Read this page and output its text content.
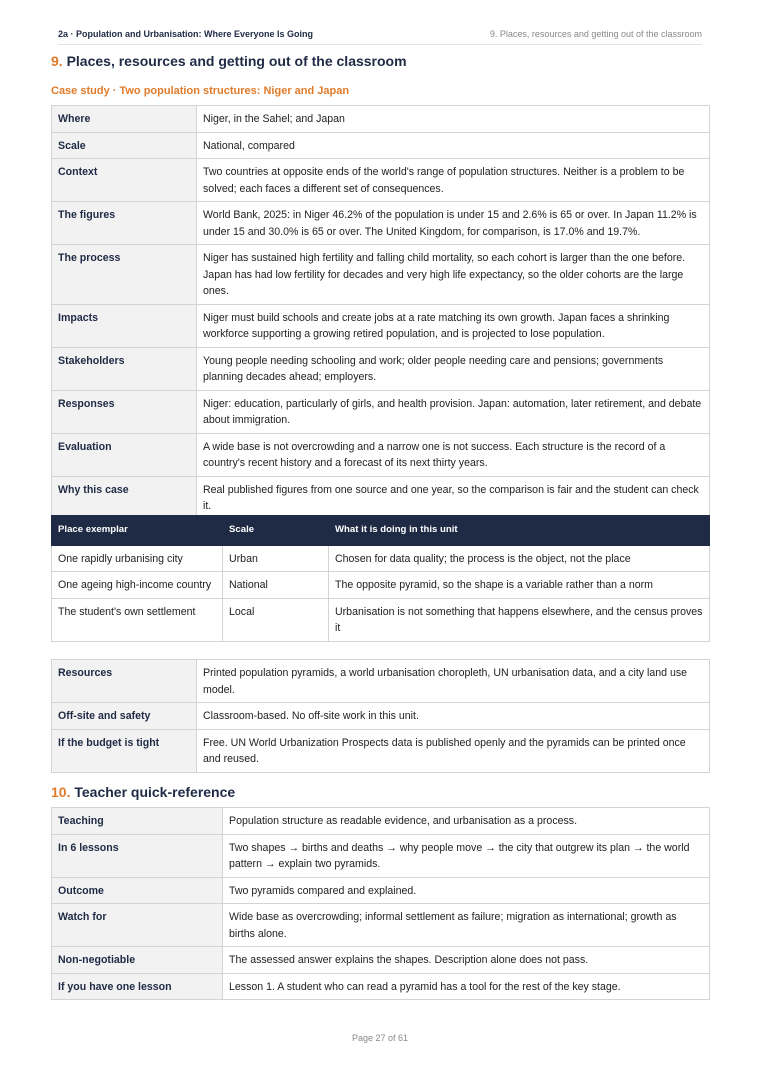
2a · Population and Urbanisation: Where Everyone Is Going	9. Places, resources and getting out of the classroom
9. Places, resources and getting out of the classroom
Case study · Two population structures: Niger and Japan
Where	Niger, in the Sahel; and Japan
Scale	National, compared
Context	Two countries at opposite ends of the world's range of population structures. Neither is a problem to be solved; each faces a different set of consequences.
The figures	World Bank, 2025: in Niger 46.2% of the population is under 15 and 2.6% is 65 or over. In Japan 11.2% is under 15 and 30.0% is 65 or over. The United Kingdom, for comparison, is 17.0% and 19.7%.
The process	Niger has sustained high fertility and falling child mortality, so each cohort is larger than the one before. Japan has had low fertility for decades and very high life expectancy, so the older cohorts are the large ones.
Impacts	Niger must build schools and create jobs at a rate matching its own growth. Japan faces a shrinking workforce supporting a growing retired population, and is projected to lose population.
Stakeholders	Young people needing schooling and work; older people needing care and pensions; governments planning decades ahead; employers.
Responses	Niger: education, particularly of girls, and health provision. Japan: automation, later retirement, and debate about immigration.
Evaluation	A wide base is not overcrowding and a narrow one is not success. Each structure is the record of a country's recent history and a forecast of its next thirty years.
Why this case	Real published figures from one source and one year, so the comparison is fair and the student can check it.
Place exemplar	Scale	What it is doing in this unit
One rapidly urbanising city	Urban	Chosen for data quality; the process is the object, not the place
One ageing high-income country	National	The opposite pyramid, so the shape is a variable rather than a norm
The student's own settlement	Local	Urbanisation is not something that happens elsewhere, and the census proves it
Resources	Printed population pyramids, a world urbanisation choropleth, UN urbanisation data, and a city land use model.
Off-site and safety	Classroom-based. No off-site work in this unit.
If the budget is tight	Free. UN World Urbanization Prospects data is published openly and the pyramids can be printed once and reused.
10. Teacher quick-reference
Teaching	Population structure as readable evidence, and urbanisation as a process.
In 6 lessons	Two shapes → births and deaths → why people move → the city that outgrew its plan → the world pattern → explain two pyramids.
Outcome	Two pyramids compared and explained.
Watch for	Wide base as overcrowding; informal settlement as failure; migration as international; growth as births alone.
Non-negotiable	The assessed answer explains the shapes. Description alone does not pass.
If you have one lesson	Lesson 1. A student who can read a pyramid has a tool for the rest of the key stage.
Page 27 of 61
